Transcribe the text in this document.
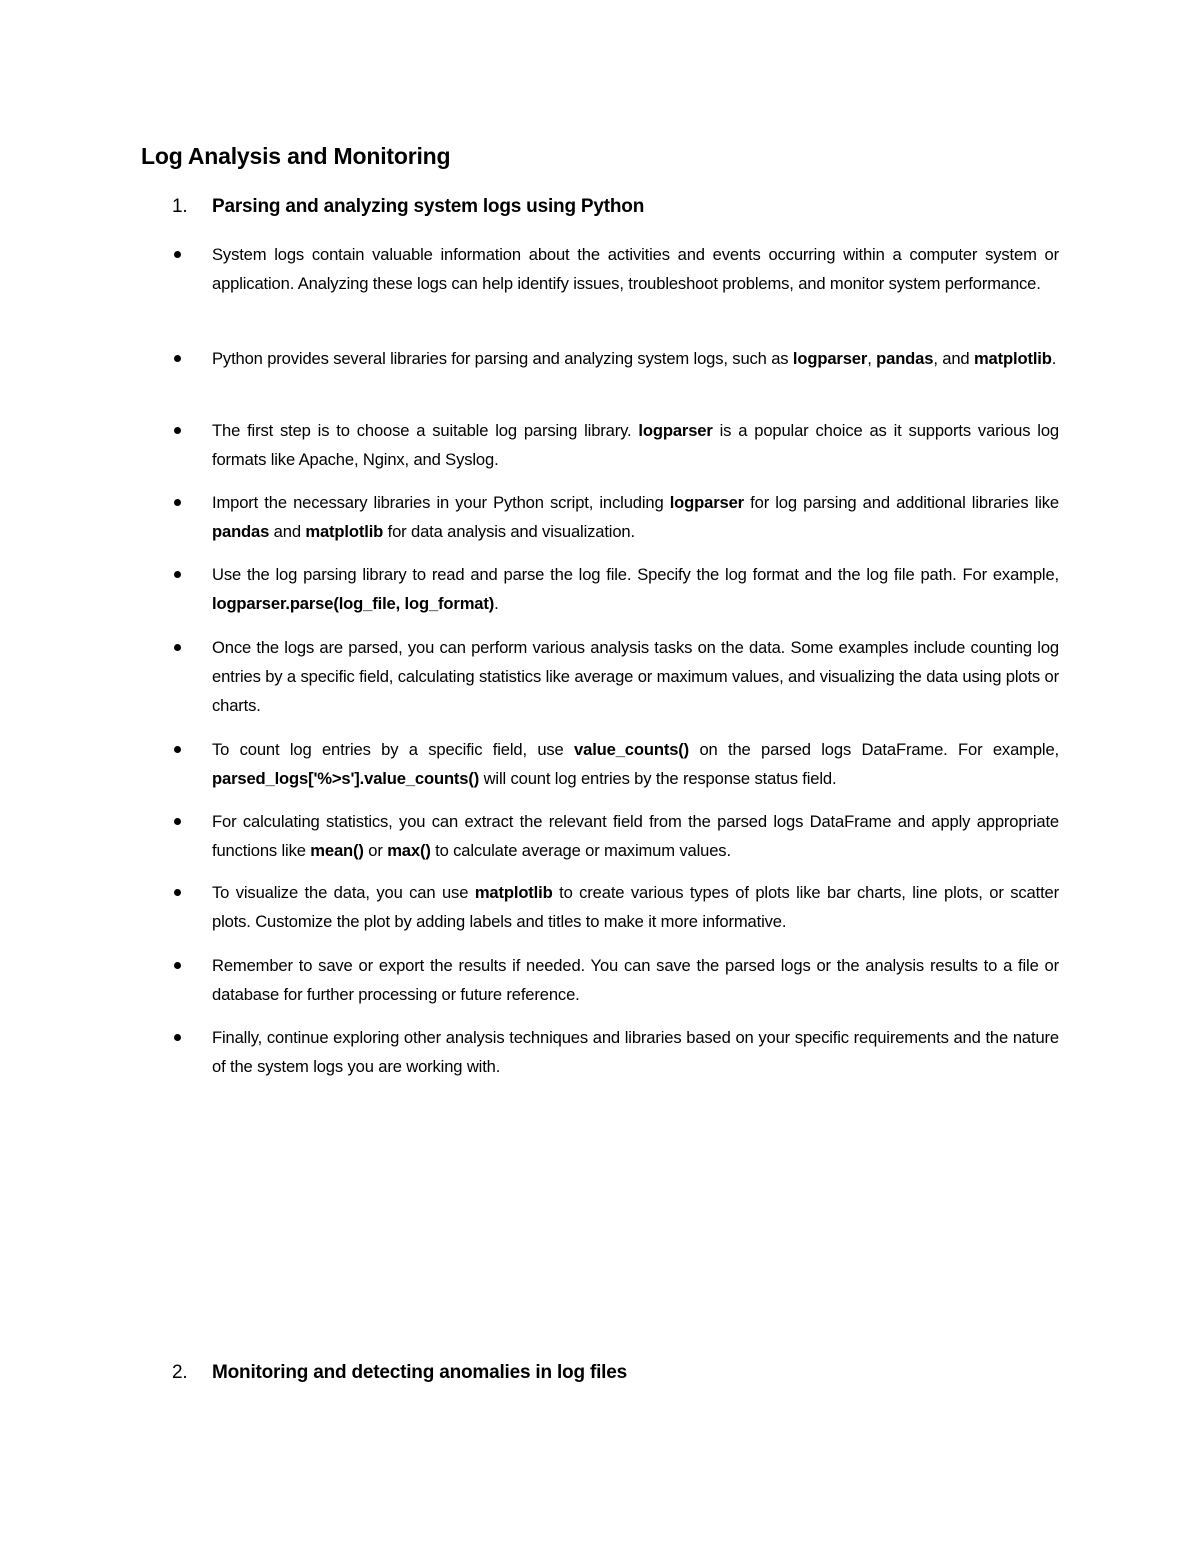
Log Analysis and Monitoring
1. Parsing and analyzing system logs using Python
System logs contain valuable information about the activities and events occurring within a computer system or application. Analyzing these logs can help identify issues, troubleshoot problems, and monitor system performance.
Python provides several libraries for parsing and analyzing system logs, such as logparser, pandas, and matplotlib.
The first step is to choose a suitable log parsing library. logparser is a popular choice as it supports various log formats like Apache, Nginx, and Syslog.
Import the necessary libraries in your Python script, including logparser for log parsing and additional libraries like pandas and matplotlib for data analysis and visualization.
Use the log parsing library to read and parse the log file. Specify the log format and the log file path. For example, logparser.parse(log_file, log_format).
Once the logs are parsed, you can perform various analysis tasks on the data. Some examples include counting log entries by a specific field, calculating statistics like average or maximum values, and visualizing the data using plots or charts.
To count log entries by a specific field, use value_counts() on the parsed logs DataFrame. For example, parsed_logs['%>s'].value_counts() will count log entries by the response status field.
For calculating statistics, you can extract the relevant field from the parsed logs DataFrame and apply appropriate functions like mean() or max() to calculate average or maximum values.
To visualize the data, you can use matplotlib to create various types of plots like bar charts, line plots, or scatter plots. Customize the plot by adding labels and titles to make it more informative.
Remember to save or export the results if needed. You can save the parsed logs or the analysis results to a file or database for further processing or future reference.
Finally, continue exploring other analysis techniques and libraries based on your specific requirements and the nature of the system logs you are working with.
2. Monitoring and detecting anomalies in log files
